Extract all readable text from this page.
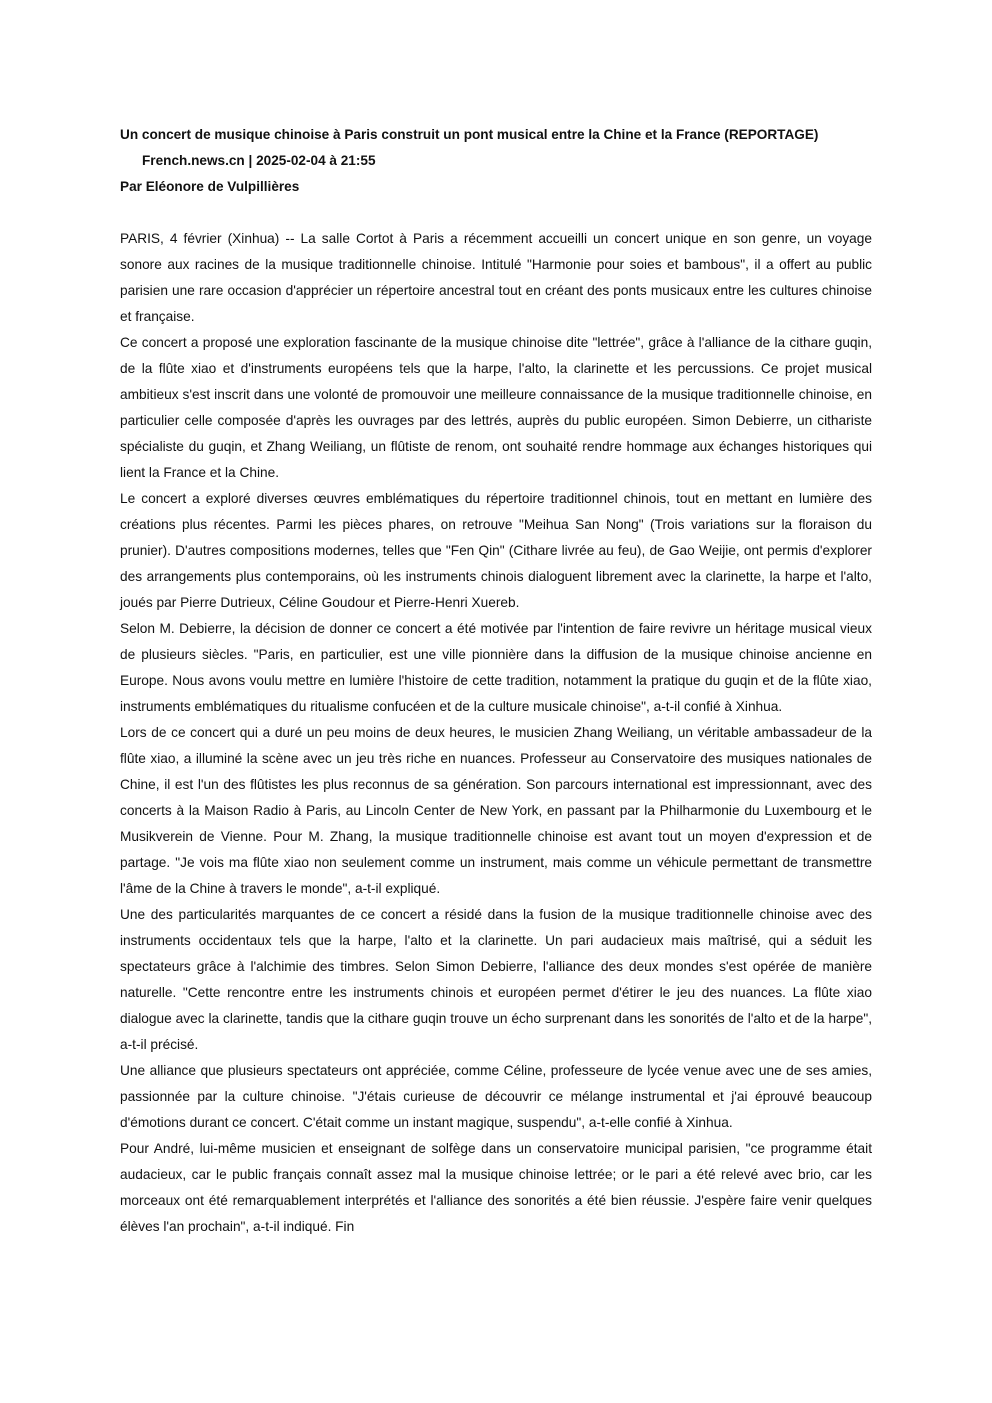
Un concert de musique chinoise à Paris construit un pont musical entre la Chine et la France (REPORTAGE)

French.news.cn | 2025-02-04 à 21:55

Par Eléonore de Vulpillières

PARIS, 4 février (Xinhua) -- La salle Cortot à Paris a récemment accueilli un concert unique en son genre, un voyage sonore aux racines de la musique traditionnelle chinoise. Intitulé "Harmonie pour soies et bambous", il a offert au public parisien une rare occasion d'apprécier un répertoire ancestral tout en créant des ponts musicaux entre les cultures chinoise et française.

Ce concert a proposé une exploration fascinante de la musique chinoise dite "lettrée", grâce à l'alliance de la cithare guqin, de la flûte xiao et d'instruments européens tels que la harpe, l'alto, la clarinette et les percussions. Ce projet musical ambitieux s'est inscrit dans une volonté de promouvoir une meilleure connaissance de la musique traditionnelle chinoise, en particulier celle composée d'après les ouvrages par des lettrés, auprès du public européen. Simon Debierre, un cithariste spécialiste du guqin, et Zhang Weiliang, un flûtiste de renom, ont souhaité rendre hommage aux échanges historiques qui lient la France et la Chine.

Le concert a exploré diverses œuvres emblématiques du répertoire traditionnel chinois, tout en mettant en lumière des créations plus récentes. Parmi les pièces phares, on retrouve "Meihua San Nong" (Trois variations sur la floraison du prunier). D'autres compositions modernes, telles que "Fen Qin" (Cithare livrée au feu), de Gao Weijie, ont permis d'explorer des arrangements plus contemporains, où les instruments chinois dialoguent librement avec la clarinette, la harpe et l'alto, joués par Pierre Dutrieux, Céline Goudour et Pierre-Henri Xuereb.

Selon M. Debierre, la décision de donner ce concert a été motivée par l'intention de faire revivre un héritage musical vieux de plusieurs siècles. "Paris, en particulier, est une ville pionnière dans la diffusion de la musique chinoise ancienne en Europe. Nous avons voulu mettre en lumière l'histoire de cette tradition, notamment la pratique du guqin et de la flûte xiao, instruments emblématiques du ritualisme confucéen et de la culture musicale chinoise", a-t-il confié à Xinhua.

Lors de ce concert qui a duré un peu moins de deux heures, le musicien Zhang Weiliang, un véritable ambassadeur de la flûte xiao, a illuminé la scène avec un jeu très riche en nuances. Professeur au Conservatoire des musiques nationales de Chine, il est l'un des flûtistes les plus reconnus de sa génération. Son parcours international est impressionnant, avec des concerts à la Maison Radio à Paris, au Lincoln Center de New York, en passant par la Philharmonie du Luxembourg et le Musikverein de Vienne. Pour M. Zhang, la musique traditionnelle chinoise est avant tout un moyen d'expression et de partage. "Je vois ma flûte xiao non seulement comme un instrument, mais comme un véhicule permettant de transmettre l'âme de la Chine à travers le monde", a-t-il expliqué.

Une des particularités marquantes de ce concert a résidé dans la fusion de la musique traditionnelle chinoise avec des instruments occidentaux tels que la harpe, l'alto et la clarinette. Un pari audacieux mais maîtrisé, qui a séduit les spectateurs grâce à l'alchimie des timbres. Selon Simon Debierre, l'alliance des deux mondes s'est opérée de manière naturelle. "Cette rencontre entre les instruments chinois et européen permet d'étirer le jeu des nuances. La flûte xiao dialogue avec la clarinette, tandis que la cithare guqin trouve un écho surprenant dans les sonorités de l'alto et de la harpe", a-t-il précisé.

Une alliance que plusieurs spectateurs ont appréciée, comme Céline, professeure de lycée venue avec une de ses amies, passionnée par la culture chinoise. "J'étais curieuse de découvrir ce mélange instrumental et j'ai éprouvé beaucoup d'émotions durant ce concert. C'était comme un instant magique, suspendu", a-t-elle confié à Xinhua.

Pour André, lui-même musicien et enseignant de solfège dans un conservatoire municipal parisien, "ce programme était audacieux, car le public français connaît assez mal la musique chinoise lettrée; or le pari a été relevé avec brio, car les morceaux ont été remarquablement interprétés et l'alliance des sonorités a été bien réussie. J'espère faire venir quelques élèves l'an prochain", a-t-il indiqué. Fin
